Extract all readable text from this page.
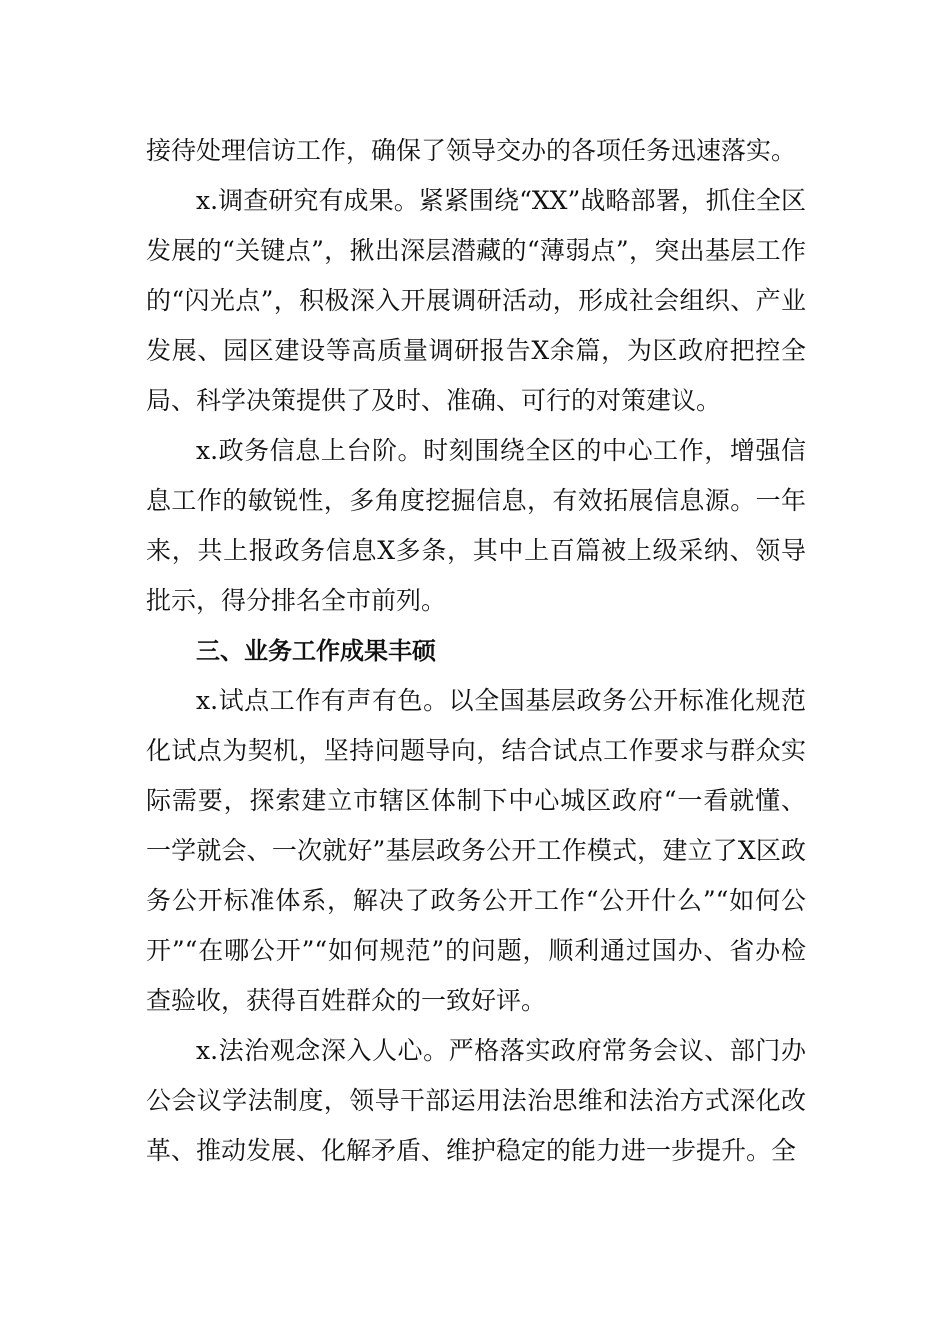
接待处理信访工作，确保了领导交办的各项任务迅速落实。

x.调查研究有成果。紧紧围绕“XX”战略部署，抓住全区发展的“关键点”，揪出深层潜藏的“薄弱点”，突出基层工作的“闪光点”，积极深入开展调研活动，形成社会组织、产业发展、园区建设等高质量调研报告X余篇，为区政府把控全局、科学决策提供了及时、准确、可行的对策建议。

x.政务信息上台阶。时刻围绕全区的中心工作，增强信息工作的敏锐性，多角度挖掘信息，有效拓展信息源。一年来，共上报政务信息X多条，其中上百篇被上级采纳、领导批示，得分排名全市前列。

三、业务工作成果丰硕

x.试点工作有声有色。以全国基层政务公开标准化规范化试点为契机，坚持问题导向，结合试点工作要求与群众实际需要，探索建立市辖区体制下中心城区政府“一看就懂、一学就会、一次就好”基层政务公开工作模式，建立了X区政务公开标准体系，解决了政务公开工作“公开什么”“如何公开”“在哪公开”“如何规范”的问题，顺利通过国办、省办检查验收，获得百姓群众的一致好评。

x.法治观念深入人心。严格落实政府常务会议、部门办公会议学法制度，领导干部运用法治思维和法治方式深化改革、推动发展、化解矛盾、维护稳定的能力进一步提升。全
